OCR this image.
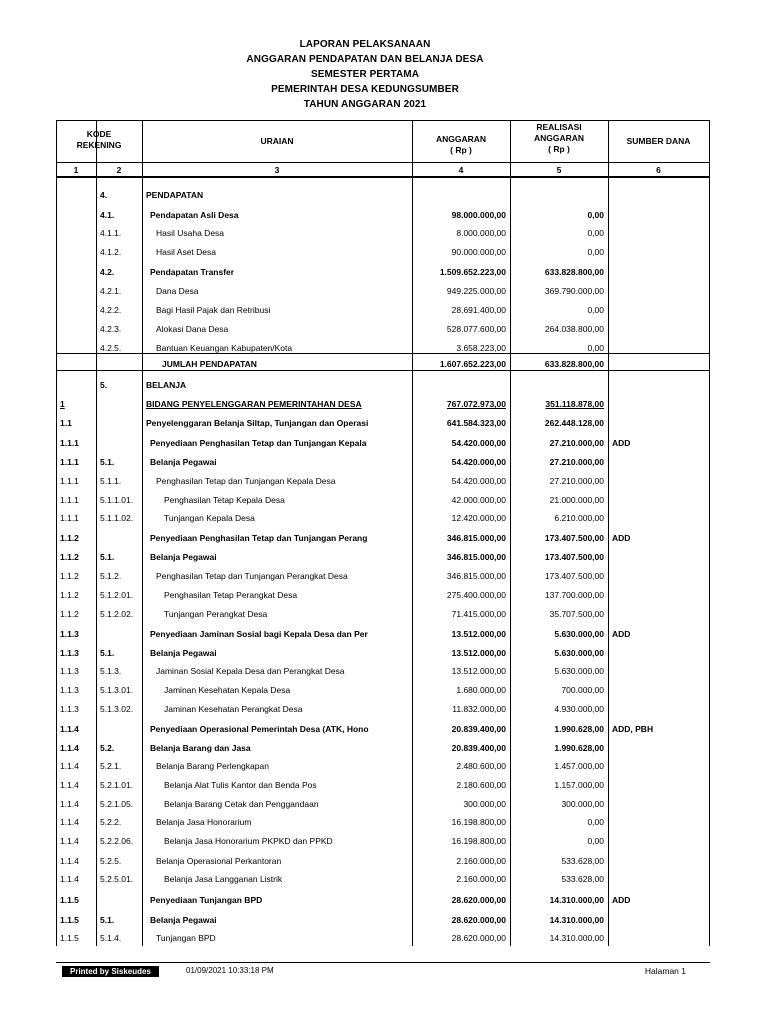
LAPORAN PELAKSANAAN
ANGGARAN PENDAPATAN DAN BELANJA DESA
SEMESTER PERTAMA
PEMERINTAH DESA KEDUNGSUMBER
TAHUN ANGGARAN 2021
KODE
REKENING	URAIAN	ANGGARAN
( Rp )
REALISASI
ANGGARAN
( Rp )
SUMBER DANA
1	2	3	4	5	6
4.	PENDAPATAN
4.1.	Pendapatan Asli Desa	98.000.000,00	0,00
4.1.1.	Hasil Usaha Desa	8.000.000,00	0,00
4.1.2.	Hasil Aset Desa	90.000.000,00	0,00
4.2.	Pendapatan Transfer	1.509.652.223,00	633.828.800,00
4.2.1.	Dana Desa	949.225.000,00	369.790.000,00
4.2.2.	Bagi Hasil Pajak dan Retribusi	28.691.400,00	0,00
4.2.3.	Alokasi Dana Desa	528.077.600,00	264.038.800,00
4.2.5.	Bantuan Keuangan Kabupaten/Kota	3.658.223,00	0,00
JUMLAH PENDAPATAN	1.607.652.223,00	633.828.800,00
5.	BELANJA
1	BIDANG PENYELENGGARAN PEMERINTAHAN DESA	767.072.973,00	351.118.878,00
1.1	Penyelenggaran Belanja Siltap, Tunjangan dan Operasi	641.584.323,00	262.448.128,00
1.1.1	Penyediaan Penghasilan Tetap dan Tunjangan Kepala	54.420.000,00	27.210.000,00 ADD
1.1.1	5.1.	Belanja Pegawai	54.420.000,00	27.210.000,00
1.1.1	5.1.1.	Penghasilan Tetap dan Tunjangan Kepala Desa	54.420.000,00	27.210.000,00
1.1.1	5.1.1.01.	Penghasilan Tetap Kepala Desa	42.000.000,00	21.000.000,00
1.1.1	5.1.1.02.	Tunjangan Kepala Desa	12.420.000,00	6.210.000,00
1.1.2	Penyediaan Penghasilan Tetap dan Tunjangan Perang	346.815.000,00	173.407.500,00 ADD
1.1.2	5.1.	Belanja Pegawai	346.815.000,00	173.407.500,00
1.1.2	5.1.2.	Penghasilan Tetap dan Tunjangan Perangkat Desa	346.815.000,00	173.407.500,00
1.1.2	5.1.2.01.	Penghasilan Tetap Perangkat Desa	275.400.000,00	137.700.000,00
1.1.2	5.1.2.02.	Tunjangan Perangkat Desa	71.415.000,00	35.707.500,00
1.1.3	Penyediaan Jaminan Sosial bagi Kepala Desa dan Per	13.512.000,00	5.630.000,00 ADD
1.1.3	5.1.	Belanja Pegawai	13.512.000,00	5.630.000,00
1.1.3	5.1.3.	Jaminan Sosial Kepala Desa dan Perangkat Desa	13.512.000,00	5.630.000,00
1.1.3	5.1.3.01.	Jaminan Kesehatan Kepala Desa	1.680.000,00	700.000,00
1.1.3	5.1.3.02.	Jaminan Kesehatan Perangkat Desa	11.832.000,00	4.930.000,00
1.1.4	Penyediaan Operasional Pemerintah Desa (ATK, Hono	20.839.400,00	1.990.628,00 ADD, PBH
1.1.4	5.2.	Belanja Barang dan Jasa	20.839.400,00	1.990.628,00
1.1.4	5.2.1.	Belanja Barang Perlengkapan	2.480.600,00	1.457.000,00
1.1.4	5.2.1.01.	Belanja Alat Tulis Kantor dan Benda Pos	2.180.600,00	1.157.000,00
1.1.4	5.2.1.05.	Belanja Barang Cetak dan Penggandaan	300.000,00	300.000,00
1.1.4	5.2.2.	Belanja Jasa Honorarium	16.198.800,00	0,00
1.1.4	5.2.2.06.	Belanja Jasa Honorarium PKPKD dan PPKD	16.198.800,00	0,00
1.1.4	5.2.5.	Belanja Operasional Perkantoran	2.160.000,00	533.628,00
1.1.4	5.2.5.01.	Belanja Jasa Langganan Listrik	2.160.000,00	533.628,00
1.1.5	Penyediaan Tunjangan BPD	28.620.000,00	14.310.000,00 ADD
1.1.5	5.1.	Belanja Pegawai	28.620.000,00	14.310.000,00
1.1.5	5.1.4.	Tunjangan BPD	28.620.000,00	14.310.000,00
Printed by Siskeudes	01/09/2021 10:33:18 PM	Halaman 1
